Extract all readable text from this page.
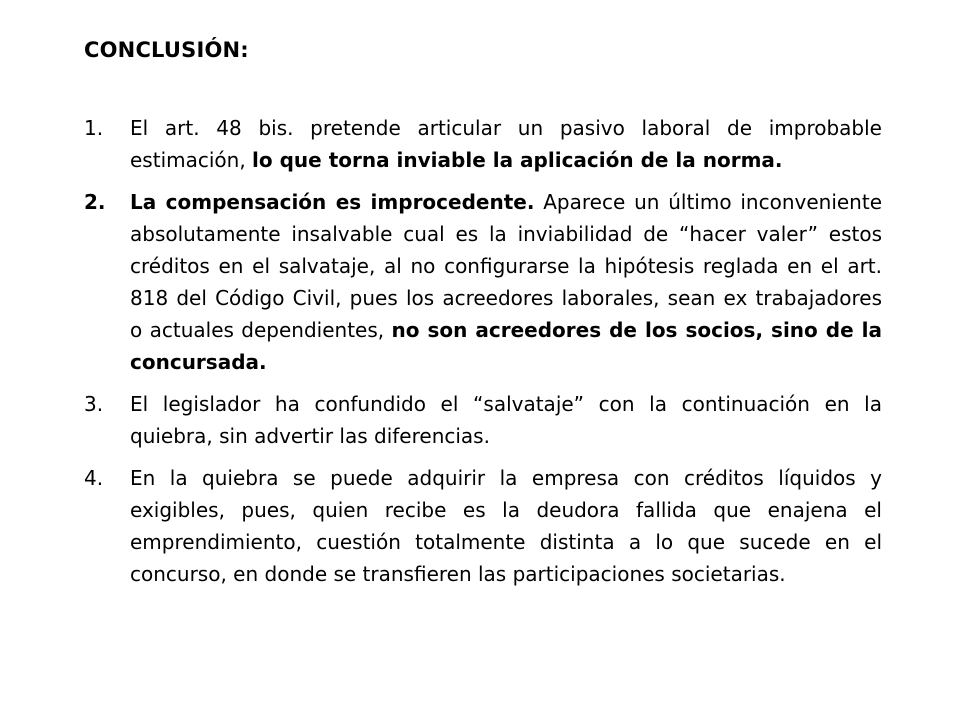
CONCLUSIÓN:
1. El art. 48 bis. pretende articular un pasivo laboral de improbable estimación, lo que torna inviable la aplicación de la norma.
2. La compensación es improcedente. Aparece un último inconveniente absolutamente insalvable cual es la inviabilidad de “hacer valer” estos créditos en el salvataje, al no configurarse la hipótesis reglada en el art. 818 del Código Civil, pues los acreedores laborales, sean ex trabajadores o actuales dependientes, no son acreedores de los socios, sino de la concursada.
3. El legislador ha confundido el “salvataje” con la continuación en la quiebra, sin advertir las diferencias.
4. En la quiebra se puede adquirir la empresa con créditos líquidos y exigibles, pues, quien recibe es la deudora fallida que enajena el emprendimiento, cuestión totalmente distinta a lo que sucede en el concurso, en donde se transfieren las participaciones societarias.
